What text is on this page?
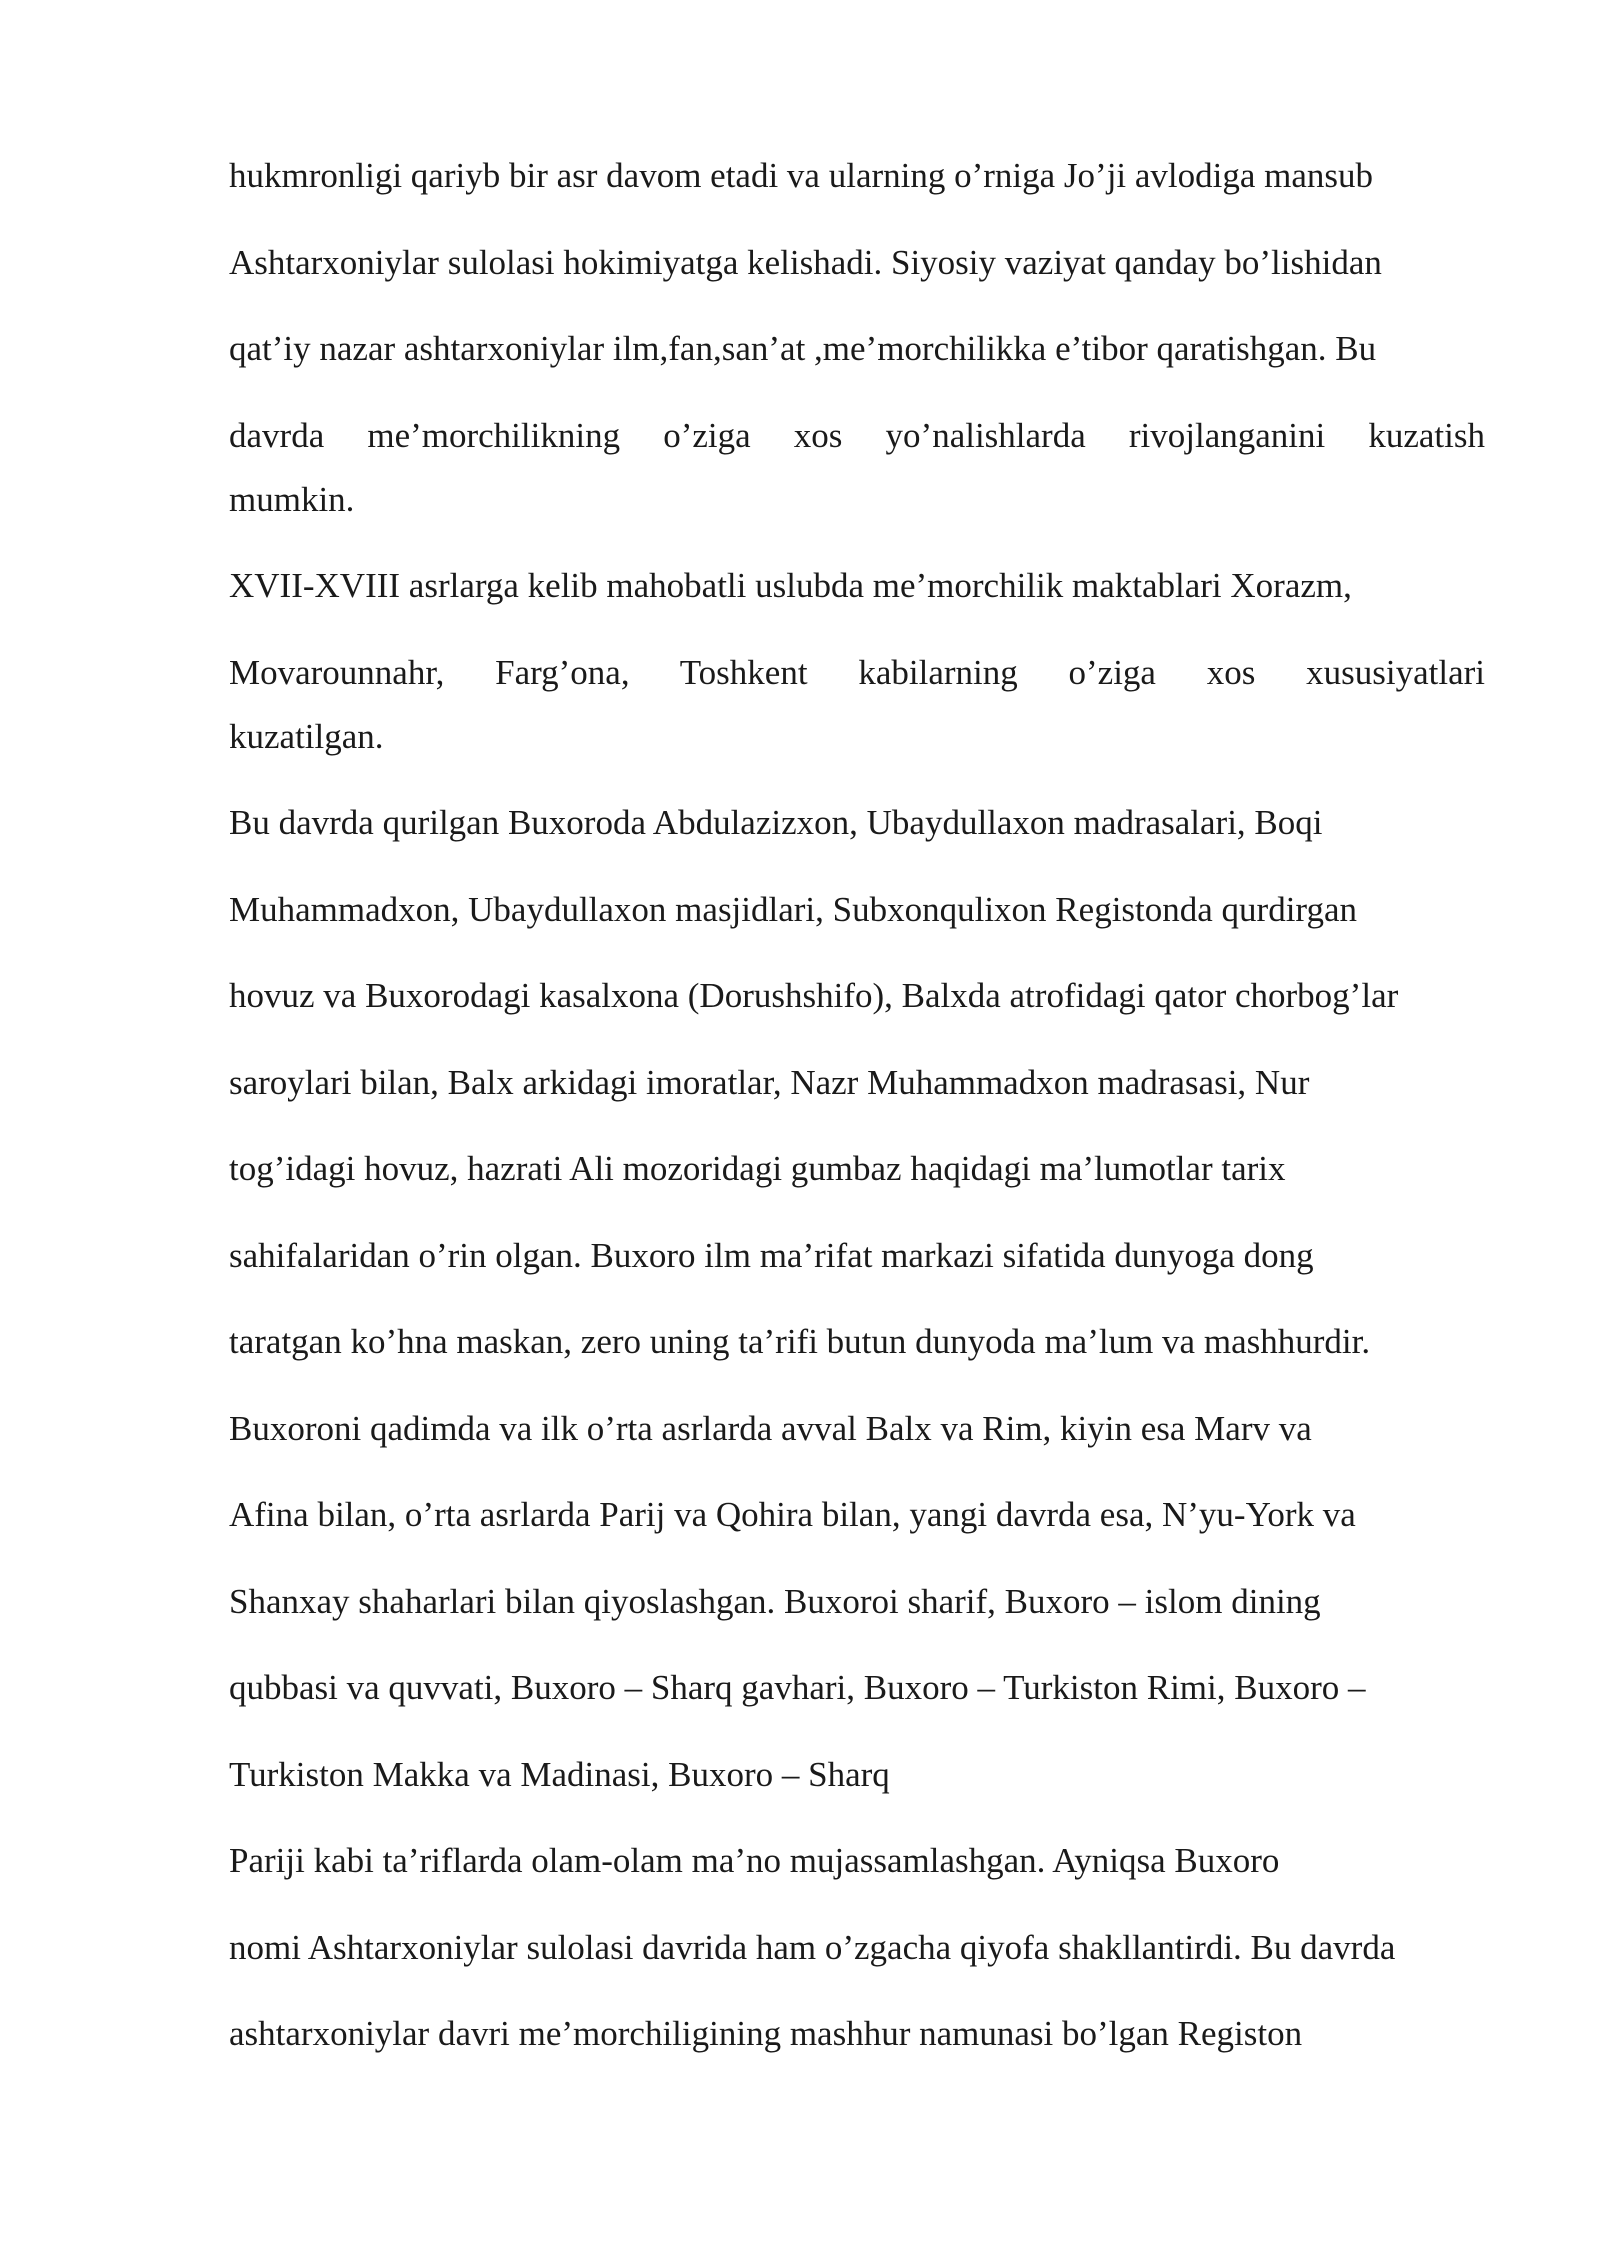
hukmronligi qariyb bir asr davom etadi va ularning o’rniga Jo’ji avlodiga mansub
Ashtarxoniylar sulolasi hokimiyatga kelishadi. Siyosiy vaziyat qanday bo’lishidan
qat’iy nazar ashtarxoniylar ilm,fan,san’at ,me’morchilikka e’tibor qaratishgan. Bu
davrda me’morchilikning o’ziga xos yo’nalishlarda rivojlanganini kuzatish
mumkin.
XVII-XVIII asrlarga kelib mahobatli uslubda me’morchilik maktablari Xorazm,
Movarounnahr, Farg’ona, Toshkent kabilarning o’ziga xos xususiyatlari
kuzatilgan.
Bu davrda qurilgan Buxoroda Abdulazizxon, Ubaydullaxon madrasalari, Boqi
Muhammadxon, Ubaydullaxon masjidlari, Subxonqulixon Registonda qurdirgan
hovuz va Buxorodagi kasalxona (Dorushshifo), Balxda atrofidagi qator chorbog’lar
saroylari bilan, Balx arkidagi imoratlar, Nazr Muhammadxon madrasasi, Nur
tog’idagi hovuz, hazrati Ali mozoridagi gumbaz haqidagi ma’lumotlar tarix
sahifalaridan o’rin olgan. Buxoro ilm ma’rifat markazi sifatida dunyoga dong
taratgan ko’hna maskan, zero uning ta’rifi butun dunyoda ma’lum va mashhurdir.
Buxoroni qadimda va ilk o’rta asrlarda avval Balx va Rim, kiyin esa Marv va
Afina bilan, o’rta asrlarda Parij va Qohira bilan, yangi davrda esa, N’yu-York va
Shanxay shaharlari bilan qiyoslashgan. Buxoroi sharif, Buxoro – islom dining
qubbasi va quvvati, Buxoro – Sharq gavhari, Buxoro – Turkiston Rimi, Buxoro –
Turkiston Makka va Madinasi, Buxoro – Sharq
Pariji kabi ta’riflarda olam-olam ma’no mujassamlashgan. Ayniqsa Buxoro
nomi Ashtarxoniylar sulolasi davrida ham o’zgacha qiyofa shakllantirdi. Bu davrda
ashtarxoniylar davri me’morchiligining mashhur namunasi bo’lgan Registon
